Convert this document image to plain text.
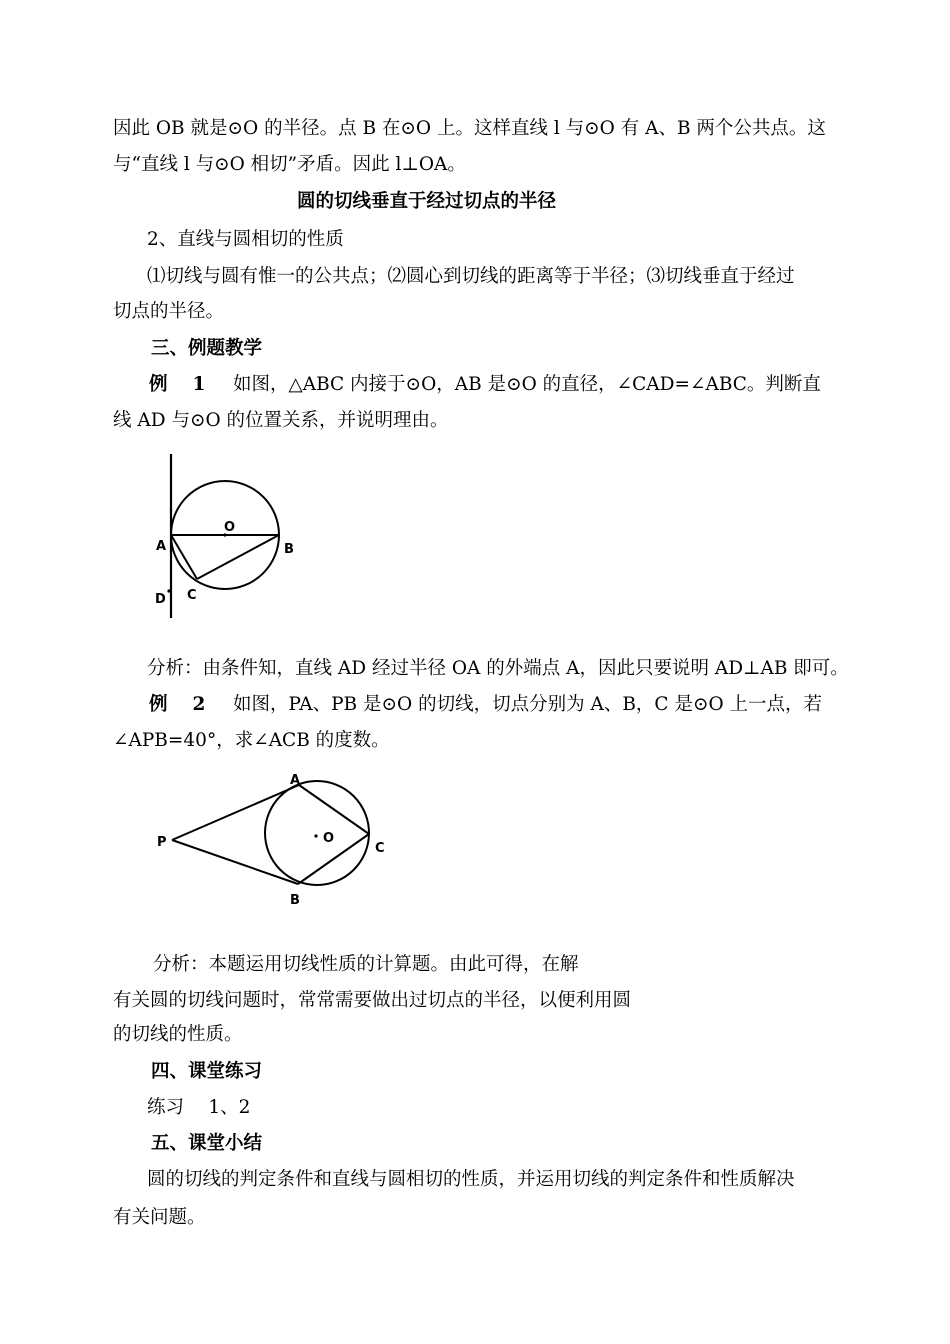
因此 OB 就是⊙O 的半径。点 B 在⊙O 上。这样直线 l 与⊙O 有 A、B 两个公共点。这
与“直线 l 与⊙O 相切”矛盾。因此 l⊥OA。
圆的切线垂直于经过切点的半径
2、直线与圆相切的性质
⑴切线与圆有惟一的公共点；⑵圆心到切线的距离等于半径；⑶切线垂直于经过
切点的半径。
三、例题教学
例　 1 如图，△ABC 内接于⊙O，AB 是⊙O 的直径，∠CAD=∠ABC。判断直
线 AD 与⊙O 的位置关系，并说明理由。
O
A	B
C
D
分析：由条件知，直线 AD 经过半径 OA 的外端点 A，因此只要说明 AD⊥AB 即可。
例　 2 如图，PA、PB 是⊙O 的切线，切点分别为 A、B，C 是⊙O 上一点，若
∠APB=40°，求∠ACB 的度数。
A
B
C
P	O
分析：本题运用切线性质的计算题。由此可得，在解
有关圆的切线问题时，常常需要做出过切点的半径，以便利用圆
的切线的性质。
四、课堂练习
练习　 1、2
五、课堂小结
圆的切线的判定条件和直线与圆相切的性质，并运用切线的判定条件和性质解决
有关问题。
